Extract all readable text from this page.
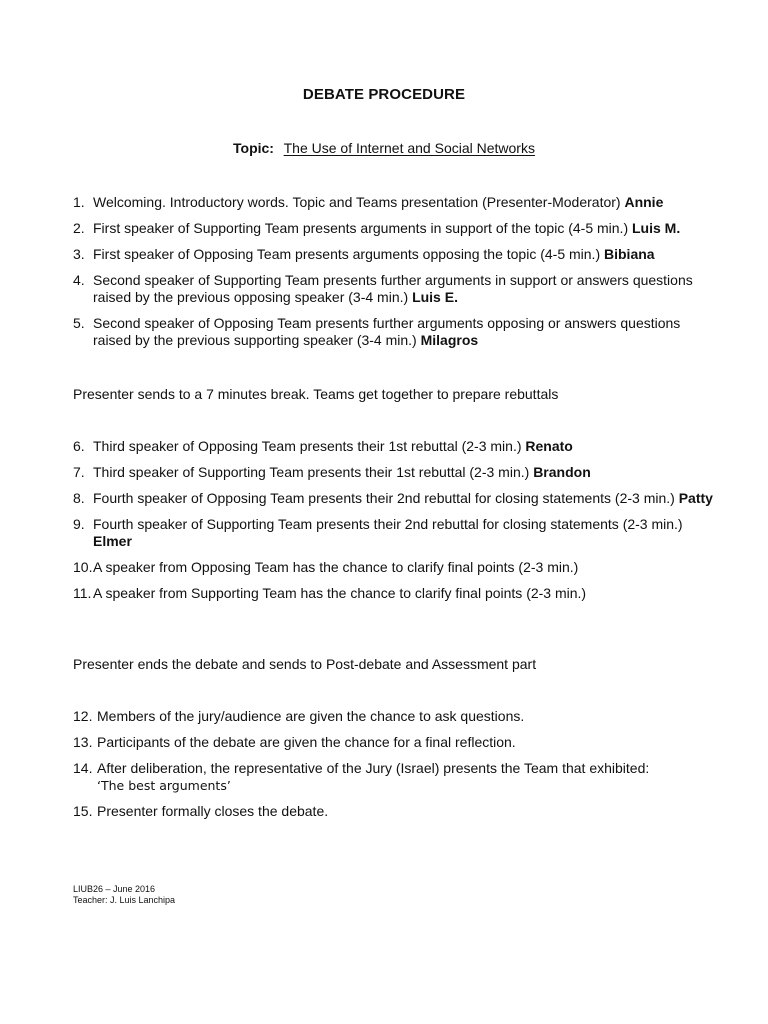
DEBATE PROCEDURE
Topic: The Use of Internet and Social Networks
1. Welcoming. Introductory words. Topic and Teams presentation (Presenter-Moderator) Annie
2. First speaker of Supporting Team presents arguments in support of the topic (4-5 min.) Luis M.
3. First speaker of Opposing Team presents arguments opposing the topic (4-5 min.) Bibiana
4. Second speaker of Supporting Team presents further arguments in support or answers questions raised by the previous opposing speaker (3-4 min.) Luis E.
5. Second speaker of Opposing Team presents further arguments opposing or answers questions raised by the previous supporting speaker (3-4 min.) Milagros
Presenter sends to a 7 minutes break. Teams get together to prepare rebuttals
6. Third speaker of Opposing Team presents their 1st rebuttal (2-3 min.) Renato
7. Third speaker of Supporting Team presents their 1st rebuttal (2-3 min.) Brandon
8. Fourth speaker of Opposing Team presents their 2nd rebuttal for closing statements (2-3 min.) Patty
9. Fourth speaker of Supporting Team presents their 2nd rebuttal for closing statements (2-3 min.) Elmer
10. A speaker from Opposing Team has the chance to clarify final points (2-3 min.)
11. A speaker from Supporting Team has the chance to clarify final points (2-3 min.)
Presenter ends the debate and sends to Post-debate and Assessment part
12. Members of the jury/audience are given the chance to ask questions.
13. Participants of the debate are given the chance for a final reflection.
14. After deliberation, the representative of the Jury (Israel) presents the Team that exhibited:
‘The best arguments’
15. Presenter formally closes the debate.
LIUB26 – June 2016
Teacher: J. Luis Lanchipa
